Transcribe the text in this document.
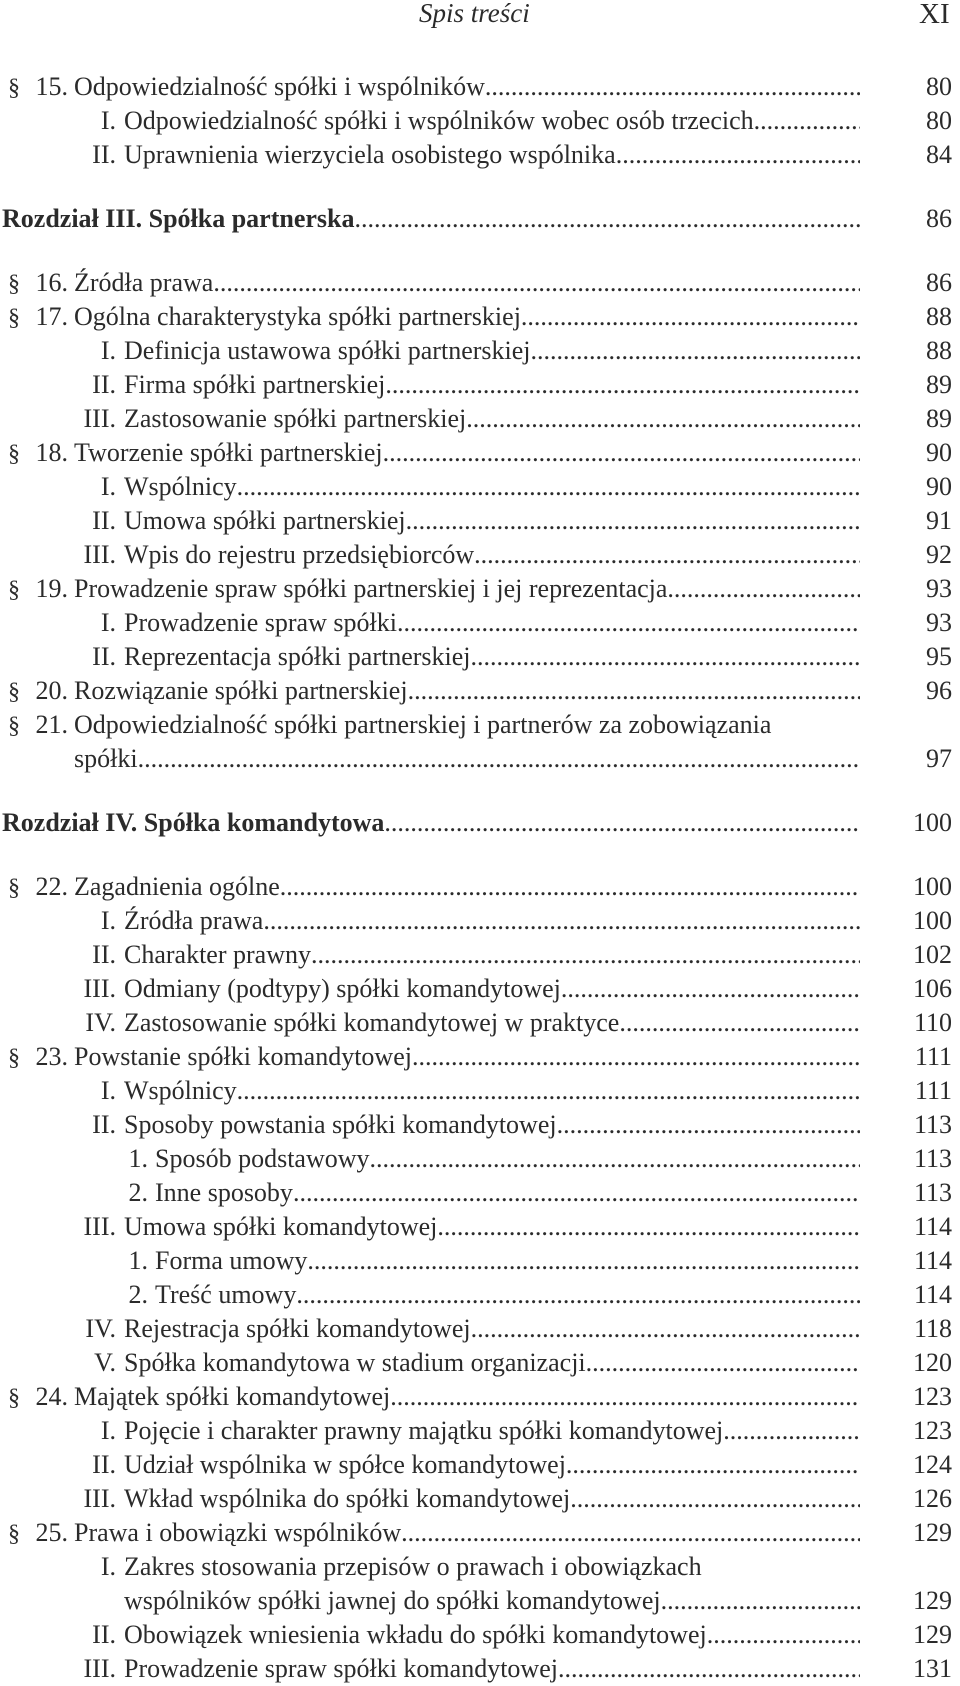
Spis treści	XI
§ 15. Odpowiedzialność spółki i wspólników .....	80
I. Odpowiedzialność spółki i wspólników wobec osób trzecich .....	80
II. Uprawnienia wierzyciela osobistego wspólnika .....	84
Rozdział III. Spółka partnerska .....	86
§ 16. Źródła prawa .....	86
§ 17. Ogólna charakterystyka spółki partnerskiej .....	88
I. Definicja ustawowa spółki partnerskiej .....	88
II. Firma spółki partnerskiej .....	89
III. Zastosowanie spółki partnerskiej .....	89
§ 18. Tworzenie spółki partnerskiej .....	90
I. Wspólnicy .....	90
II. Umowa spółki partnerskiej .....	91
III. Wpis do rejestru przedsiębiorców .....	92
§ 19. Prowadzenie spraw spółki partnerskiej i jej reprezentacja .....	93
I. Prowadzenie spraw spółki .....	93
II. Reprezentacja spółki partnerskiej .....	95
§ 20. Rozwiązanie spółki partnerskiej .....	96
§ 21. Odpowiedzialność spółki partnerskiej i partnerów za zobowiązania
spółki .....	97
Rozdział IV. Spółka komandytowa .....	100
§ 22. Zagadnienia ogólne .....	100
I. Źródła prawa .....	100
II. Charakter prawny .....	102
III. Odmiany (podtypy) spółki komandytowej .....	106
IV. Zastosowanie spółki komandytowej w praktyce .....	110
§ 23. Powstanie spółki komandytowej .....	111
I. Wspólnicy .....	111
II. Sposoby powstania spółki komandytowej .....	113
1. Sposób podstawowy .....	113
2. Inne sposoby .....	113
III. Umowa spółki komandytowej .....	114
1. Forma umowy .....	114
2. Treść umowy .....	114
IV. Rejestracja spółki komandytowej .....	118
V. Spółka komandytowa w stadium organizacji .....	120
§ 24. Majątek spółki komandytowej .....	123
I. Pojęcie i charakter prawny majątku spółki komandytowej .....	123
II. Udział wspólnika w spółce komandytowej .....	124
III. Wkład wspólnika do spółki komandytowej .....	126
§ 25. Prawa i obowiązki wspólników .....	129
I. Zakres stosowania przepisów o prawach i obowiązkach
wspólników spółki jawnej do spółki komandytowej .....	129
II. Obowiązek wniesienia wkładu do spółki komandytowej .....	129
III. Prowadzenie spraw spółki komandytowej .....	131
